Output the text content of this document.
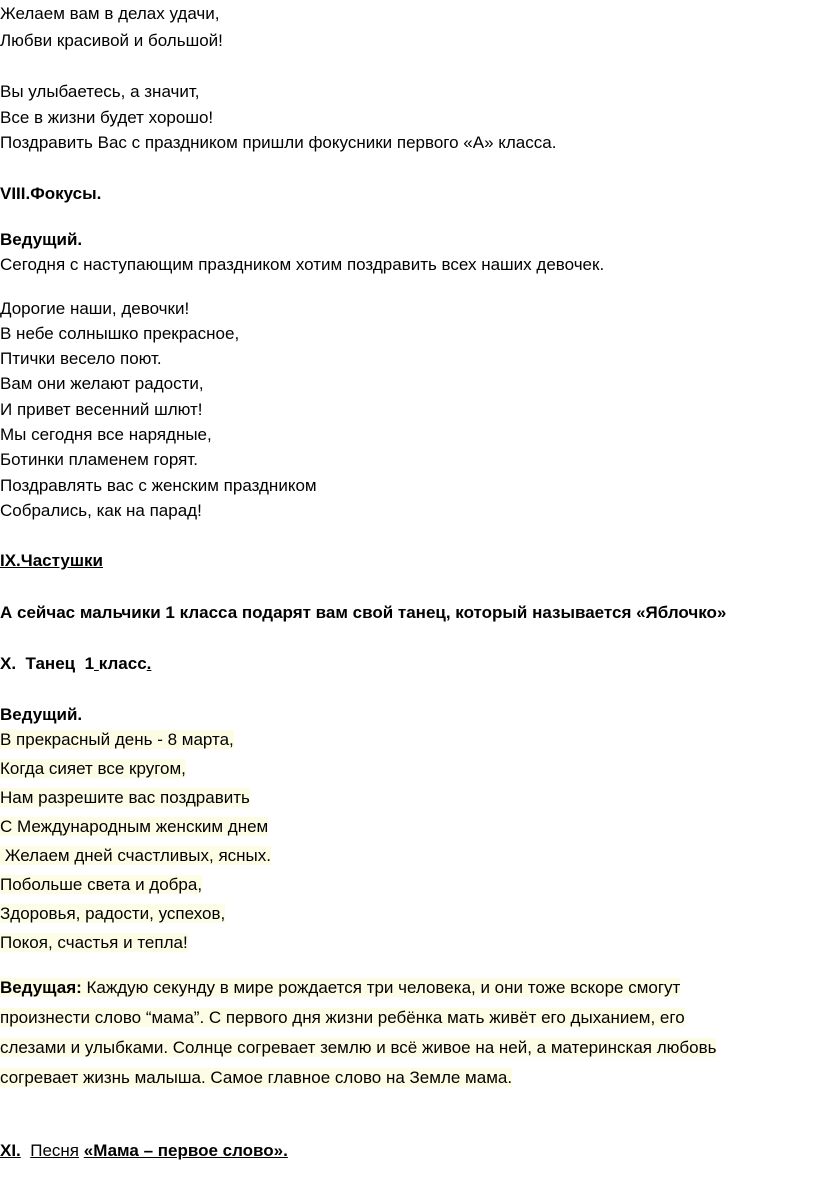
Желаем вам в делах удачи,
Любви красивой и большой!
Вы улыбаетесь, а значит,
Все в жизни будет хорошо!
Поздравить Вас с праздником пришли фокусники первого «А» класса.
VIII.Фокусы.
Ведущий.
Сегодня с наступающим праздником хотим поздравить всех наших девочек.
Дорогие наши, девочки!
В небе солнышко прекрасное,
Птички весело поют.
Вам они желают радости,
И привет весенний шлют!
Мы сегодня все нарядные,
Ботинки пламенем горят.
Поздравлять вас с женским праздником
Собрались, как на парад!
IX.Частушки
А сейчас мальчики 1 класса подарят вам свой танец, который называется «Яблочко»
X. Танец 1 класс.
Ведущий.
В прекрасный день - 8 марта,
Когда сияет все кругом,
Нам разрешите вас поздравить
С Международным женским днем
Желаем дней счастливых, ясных.
Побольше света и добра,
Здоровья, радости, успехов,
Покоя, счастья и тепла!
Ведущая: Каждую секунду в мире рождается три человека, и они тоже вскоре смогут
произнести слово “мама”. С первого дня жизни ребёнка мать живёт его дыханием, его
слезами и улыбками. Солнце согревает землю и всё живое на ней, а материнская любовь
согревает жизнь малыша. Самое главное слово на Земле мама.
XI. Песня «Мама – первое слово».
